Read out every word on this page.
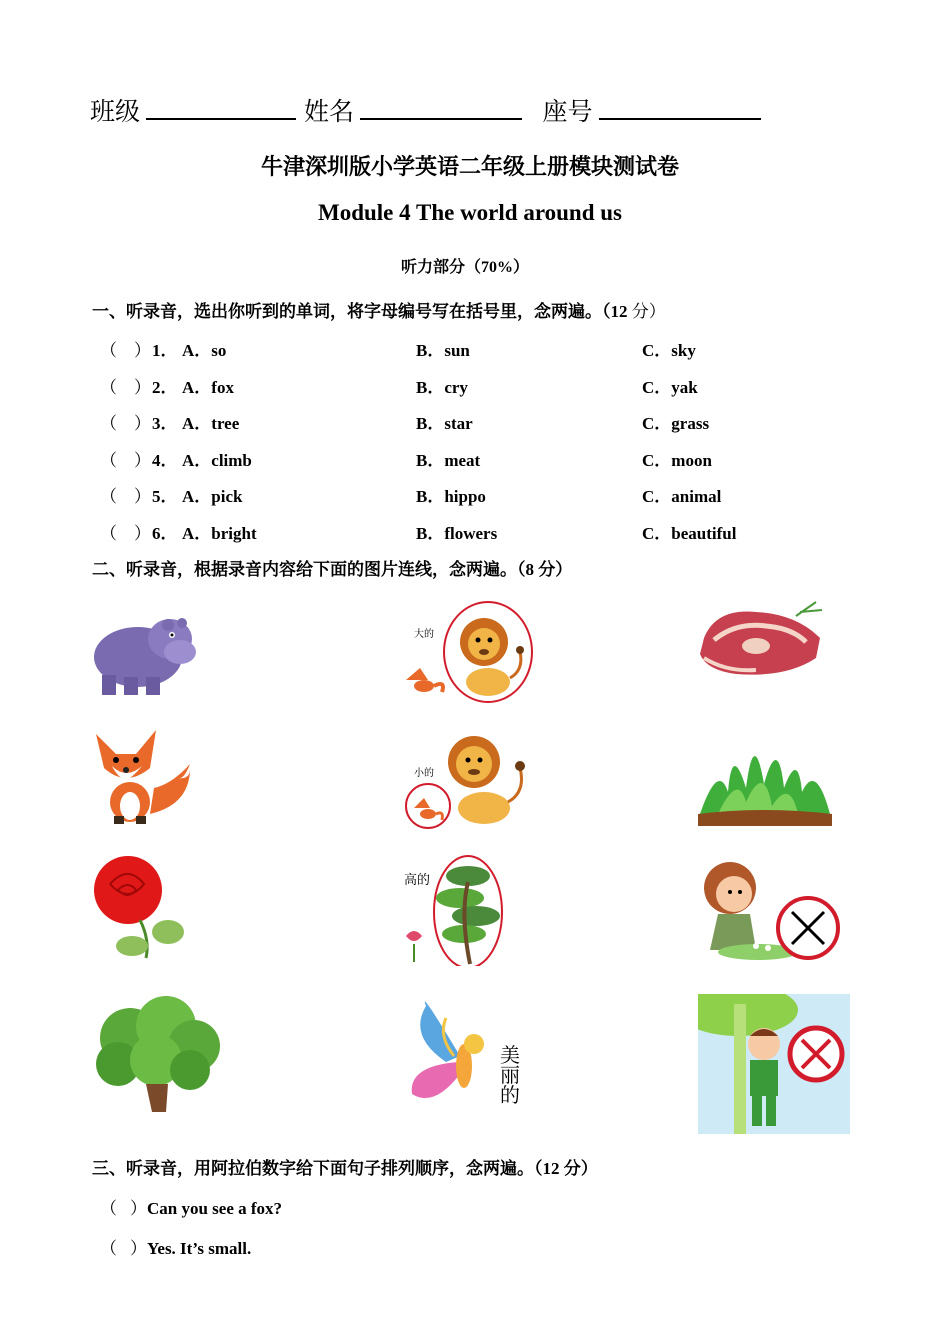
班级	姓名	座号
牛津深圳版小学英语二年级上册模块测试卷
Module 4 The world around us
听力部分（70%）
一、听录音，选出你听到的单词，将字母编号写在括号里，念两遍。（12 分）
（ ） 1． A．so	B．sun	C．sky
（ ） 2． A．fox	B．cry	C．yak
（ ） 3． A．tree	B．star	C．grass
（ ） 4． A．climb	B．meat	C．moon
（ ） 5． A．pick	B．hippo	C．animal
（ ） 6． A．bright	B．flowers	C．beautiful
二、听录音，根据录音内容给下面的图片连线，念两遍。（8 分）
大的
小的
高的
美
丽
的
三、听录音，用阿拉伯数字给下面句子排列顺序，念两遍。（12 分）
（ ）Can you see a fox?
（ ）Yes. It’s small.
